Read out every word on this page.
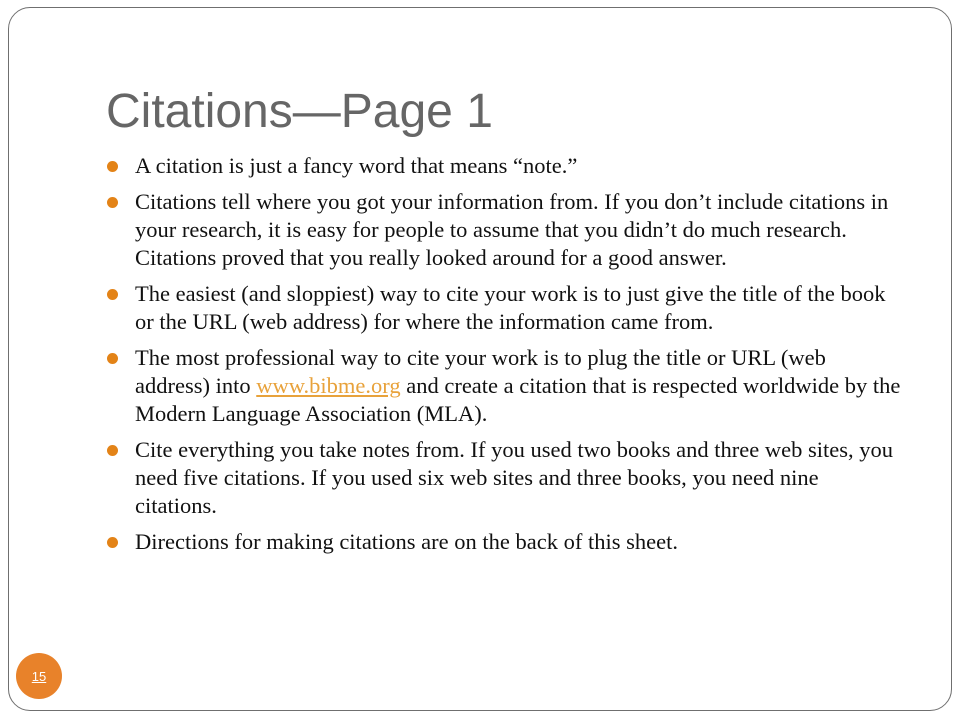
Citations—Page 1
A citation is just a fancy word that means “note.”
Citations tell where you got your information from. If you don’t include citations in your research, it is easy for people to assume that you didn’t do much research. Citations proved that you really looked around for a good answer.
The easiest (and sloppiest) way to cite your work is to just give the title of the book or the URL (web address) for where the information came from.
The most professional way to cite your work is to plug the title or URL (web address) into www.bibme.org and create a citation that is respected worldwide by the Modern Language Association (MLA).
Cite everything you take notes from. If you used two books and three web sites, you need five citations. If you used six web sites and three books, you need nine citations.
Directions for making citations are on the back of this sheet.
15
